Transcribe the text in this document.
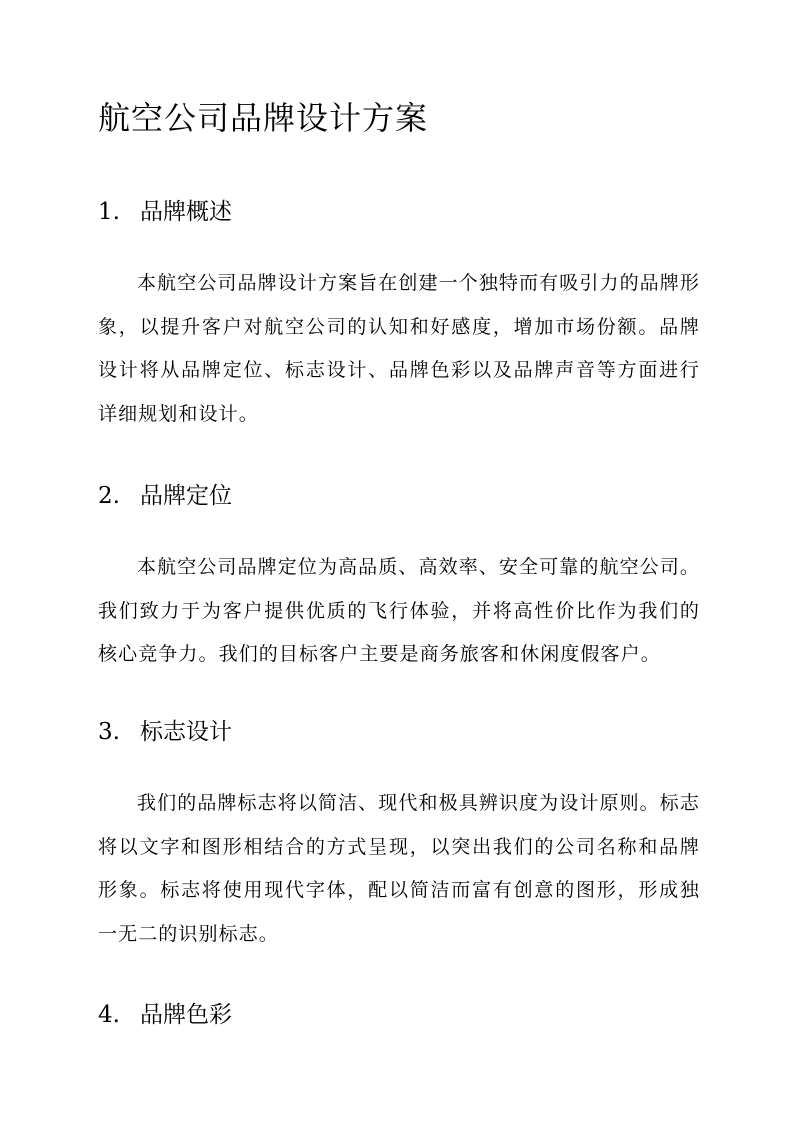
航空公司品牌设计方案
1. 品牌概述

本航空公司品牌设计方案旨在创建一个独特而有吸引力的品牌形象，以提升客户对航空公司的认知和好感度，增加市场份额。品牌设计将从品牌定位、标志设计、品牌色彩以及品牌声音等方面进行详细规划和设计。

2. 品牌定位

本航空公司品牌定位为高品质、高效率、安全可靠的航空公司。我们致力于为客户提供优质的飞行体验，并将高性价比作为我们的核心竞争力。我们的目标客户主要是商务旅客和休闲度假客户。

3. 标志设计

我们的品牌标志将以简洁、现代和极具辨识度为设计原则。标志将以文字和图形相结合的方式呈现，以突出我们的公司名称和品牌形象。标志将使用现代字体，配以简洁而富有创意的图形，形成独一无二的识别标志。

4. 品牌色彩
